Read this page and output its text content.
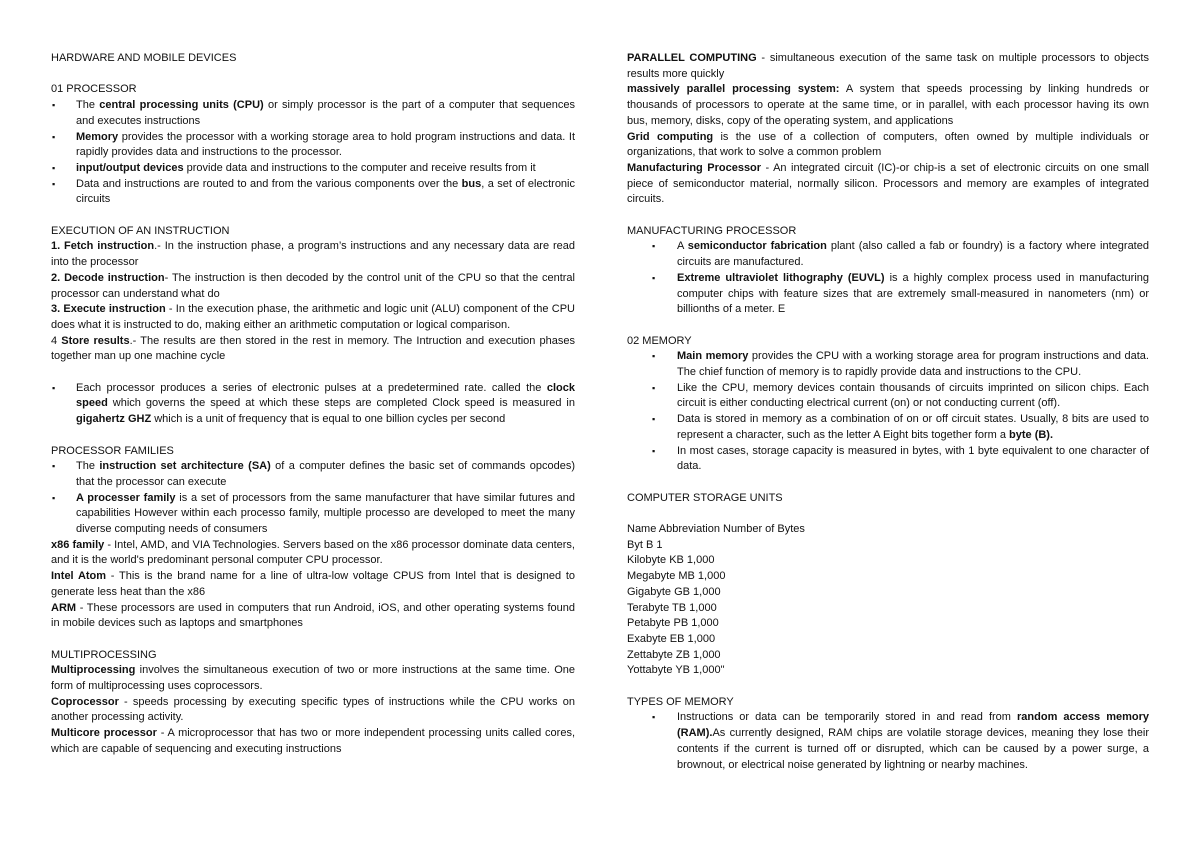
HARDWARE AND MOBILE DEVICES

01 PROCESSOR

▪ The central processing units (CPU) or simply processor is the part of a computer that sequences and executes instructions
▪ Memory provides the processor with a working storage area to hold program instructions and data. It rapidly provides data and instructions to the processor.
▪ input/output devices provide data and instructions to the computer and receive results from it
▪ Data and instructions are routed to and from the various components over the bus, a set of electronic circuits

EXECUTION OF AN INSTRUCTION

1. Fetch instruction.- In the instruction phase, a program’s instructions and any necessary data are read into the processor

2. Decode instruction- The instruction is then decoded by the control unit of the CPU so that the central processor can understand what do

3. Execute instruction - In the execution phase, the arithmetic and logic unit (ALU) component of the CPU does what it is instructed to do, making either an arithmetic computation or logical comparison.

4 Store results.- The results are then stored in the rest in memory. The Intruction and execution phases together man up one machine cycle

▪ Each processor produces a series of electronic pulses at a predetermined rate. called the clock speed which governs the speed at which these steps are completed Clock speed is measured in gigahertz GHZ which is a unit of frequency that is equal to one billion cycles per second

PROCESSOR FAMILIES

▪ The instruction set architecture (SA) of a computer defines the basic set of commands opcodes) that the processor can execute
▪ A processer family is a set of processors from the same manufacturer that have similar futures and capabilities However within each processo family, multiple processo are developed to meet the many diverse computing needs of consumers

x86 family - Intel, AMD, and VIA Technologies. Servers based on the x86 processor dominate data centers, and it is the world's predominant personal computer CPU processor.

Intel Atom - This is the brand name for a line of ultra-low voltage CPUS from Intel that is designed to generate less heat than the x86

ARM - These processors are used in computers that run Android, iOS, and other operating systems found in mobile devices such as laptops and smartphones

MULTIPROCESSING

Multiprocessing involves the simultaneous execution of two or more instructions at the same time. One form of multiprocessing uses coprocessors.

Coprocessor - speeds processing by executing specific types of instructions while the CPU works on another processing activity.

Multicore processor - A microprocessor that has two or more independent processing units called cores, which are capable of sequencing and executing instructions

PARALLEL COMPUTING - simultaneous execution of the same task on multiple processors to objects results more quickly

massively parallel processing system: A system that speeds processing by linking hundreds or thousands of processors to operate at the same time, or in parallel, with each processor having its own bus, memory, disks, copy of the operating system, and applications

Grid computing is the use of a collection of computers, often owned by multiple individuals or organizations, that work to solve a common problem

Manufacturing Processor - An integrated circuit (IC)-or chip-is a set of electronic circuits on one small piece of semiconductor material, normally silicon. Processors and memory are examples of integrated circuits.

MANUFACTURING PROCESSOR

▪ A semiconductor fabrication plant (also called a fab or foundry) is a factory where integrated circuits are manufactured.
▪ Extreme ultraviolet lithography (EUVL) is a highly complex process used in manufacturing computer chips with feature sizes that are extremely small-measured in nanometers (nm) or billionths of a meter. E

02 MEMORY

▪ Main memory provides the CPU with a working storage area for program instructions and data. The chief function of memory is to rapidly provide data and instructions to the CPU.
▪ Like the CPU, memory devices contain thousands of circuits imprinted on silicon chips. Each circuit is either conducting electrical current (on) or not conducting current (off).
▪ Data is stored in memory as a combination of on or off circuit states. Usually, 8 bits are used to represent a character, such as the letter A Eight bits together form a byte (B).
▪ In most cases, storage capacity is measured in bytes, with 1 byte equivalent to one character of data.

COMPUTER STORAGE UNITS

Name Abbreviation Number of Bytes

Byt B 1

Kilobyte KB 1,000

Megabyte MB 1,000

Gigabyte GB 1,000

Terabyte TB 1,000

Petabyte PB 1,000

Exabyte EB 1,000

Zettabyte ZB 1,000

Yottabyte YB 1,000"

TYPES OF MEMORY

▪ Instructions or data can be temporarily stored in and read from random access memory (RAM).As currently designed, RAM chips are volatile storage devices, meaning they lose their contents if the current is turned off or disrupted, which can be caused by a power surge, a brownout, or electrical noise generated by lightning or nearby machines.
